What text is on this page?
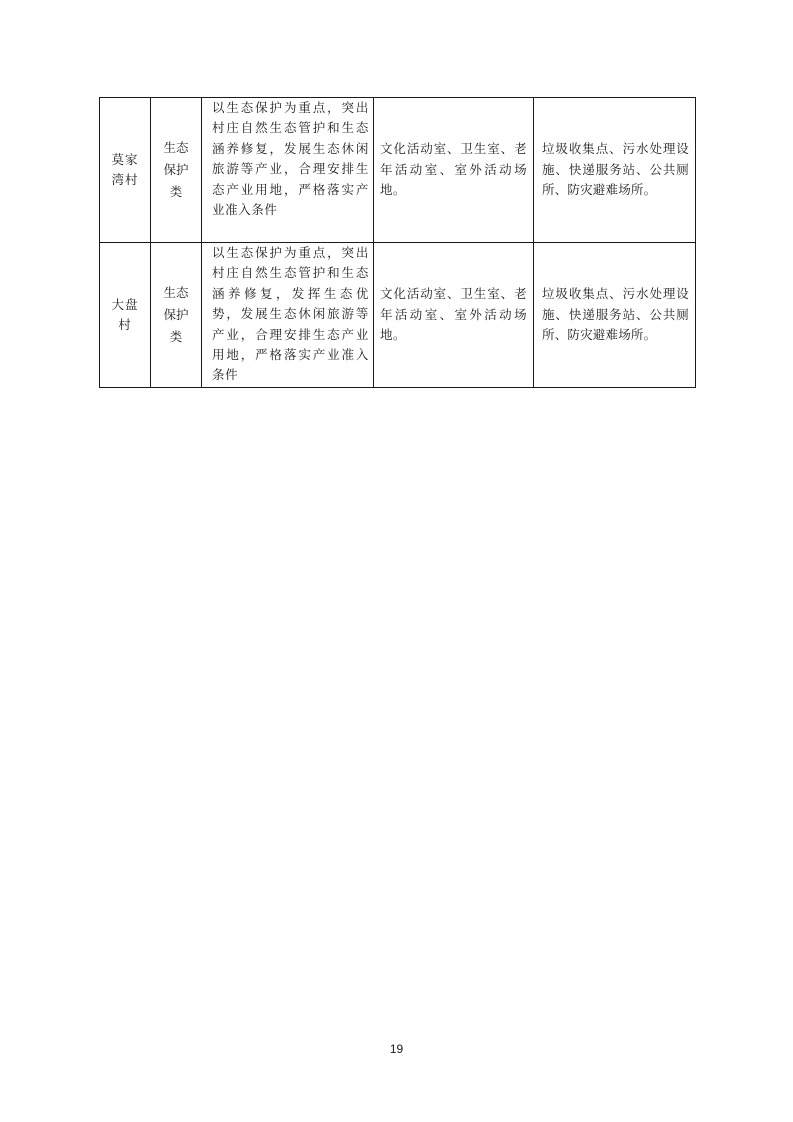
莫家湾村	生态保护类	以生态保护为重点，突出村庄自然生态管护和生态涵养修复，发展生态休闲旅游等产业，合理安排生态产业用地，严格落实产业准入条件	文化活动室、卫生室、老年活动室、室外活动场地。	垃圾收集点、污水处理设施、快递服务站、公共厕所、防灾避难场所。

大盘村	生态保护类	以生态保护为重点，突出村庄自然生态管护和生态涵养修复，发挥生态优势，发展生态休闲旅游等产业，合理安排生态产业用地，严格落实产业准入条件	文化活动室、卫生室、老年活动室、室外活动场地。	垃圾收集点、污水处理设施、快递服务站、公共厕所、防灾避难场所。
19
